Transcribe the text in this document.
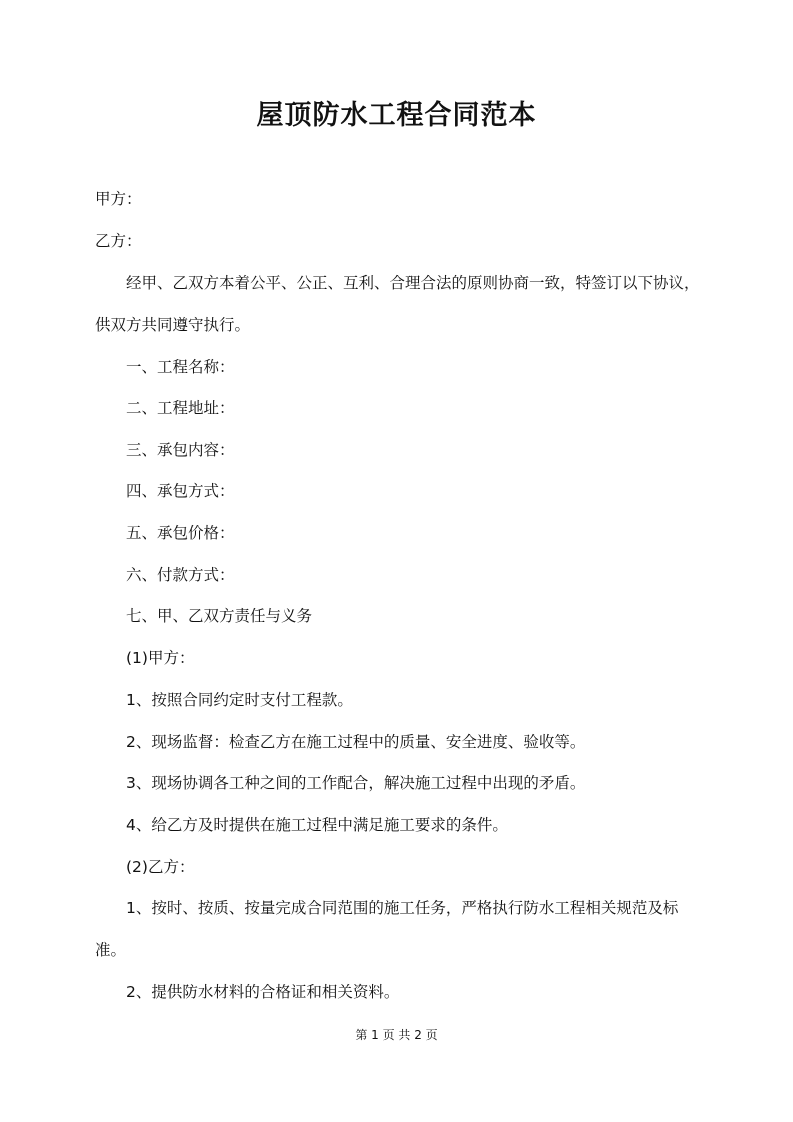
屋顶防水工程合同范本
甲方：
乙方：
经甲、乙双方本着公平、公正、互利、合理合法的原则协商一致，特签订以下协议，
供双方共同遵守执行。
一、工程名称：
二、工程地址：
三、承包内容：
四、承包方式：
五、承包价格：
六、付款方式：
七、甲、乙双方责任与义务
(1)甲方：
1、按照合同约定时支付工程款。
2、现场监督：检查乙方在施工过程中的质量、安全进度、验收等。
3、现场协调各工种之间的工作配合，解决施工过程中出现的矛盾。
4、给乙方及时提供在施工过程中满足施工要求的条件。
(2)乙方：
1、按时、按质、按量完成合同范围的施工任务，严格执行防水工程相关规范及标
准。
2、提供防水材料的合格证和相关资料。
第 1 页 共 2 页
